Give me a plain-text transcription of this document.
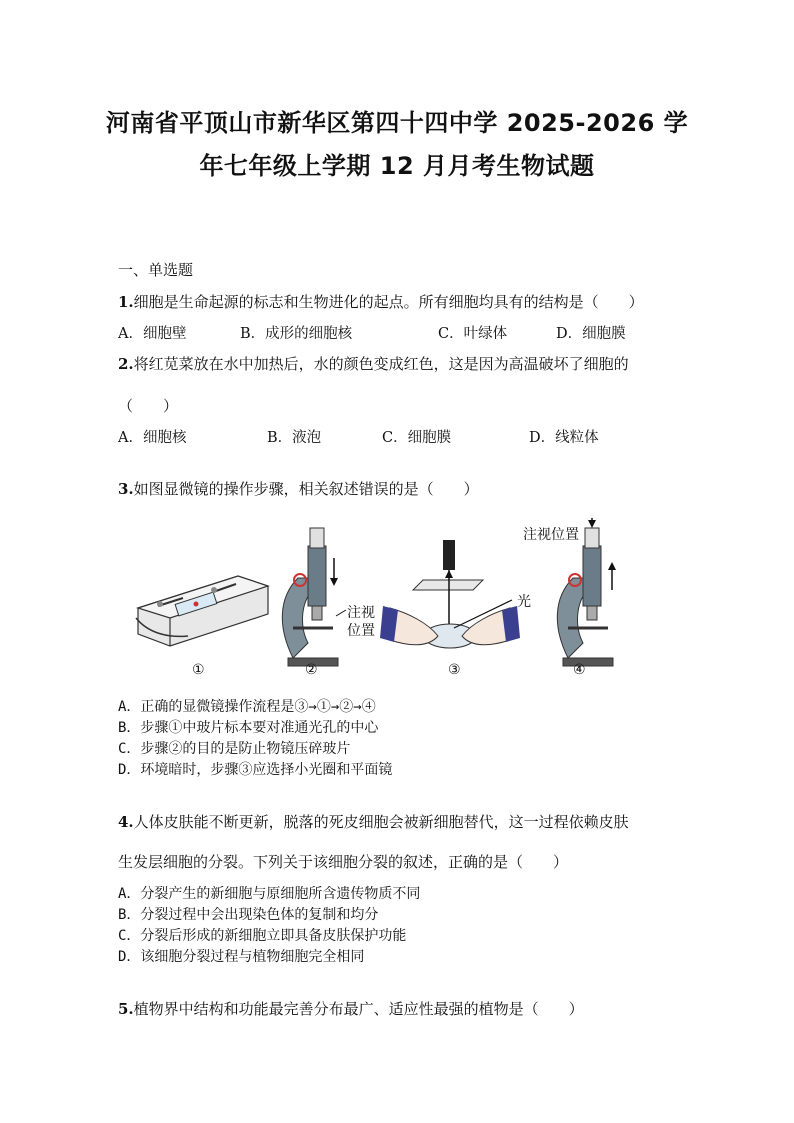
河南省平顶山市新华区第四十四中学 2025-2026 学
年七年级上学期 12 月月考生物试题
一、单选题
1.细胞是生命起源的标志和生物进化的起点。所有细胞均具有的结构是（　　）
A．细胞壁	B．成形的细胞核	C．叶绿体	D．细胞膜
2.将红苋菜放在水中加热后，水的颜色变成红色，这是因为高温破坏了细胞的
（　　）
A．细胞核	B．液泡	C．细胞膜	D．线粒体
3.如图显微镜的操作步骤，相关叙述错误的是（　　）
注视
位置
注视位置
光
①	②	③	④
A．正确的显微镜操作流程是③→①→②→④
B．步骤①中玻片标本要对准通光孔的中心
C．步骤②的目的是防止物镜压碎玻片
D．环境暗时，步骤③应选择小光圈和平面镜
4.人体皮肤能不断更新，脱落的死皮细胞会被新细胞替代，这一过程依赖皮肤
生发层细胞的分裂。下列关于该细胞分裂的叙述，正确的是（　　）
A．分裂产生的新细胞与原细胞所含遗传物质不同
B．分裂过程中会出现染色体的复制和均分
C．分裂后形成的新细胞立即具备皮肤保护功能
D．该细胞分裂过程与植物细胞完全相同
5.植物界中结构和功能最完善分布最广、适应性最强的植物是（　　）
